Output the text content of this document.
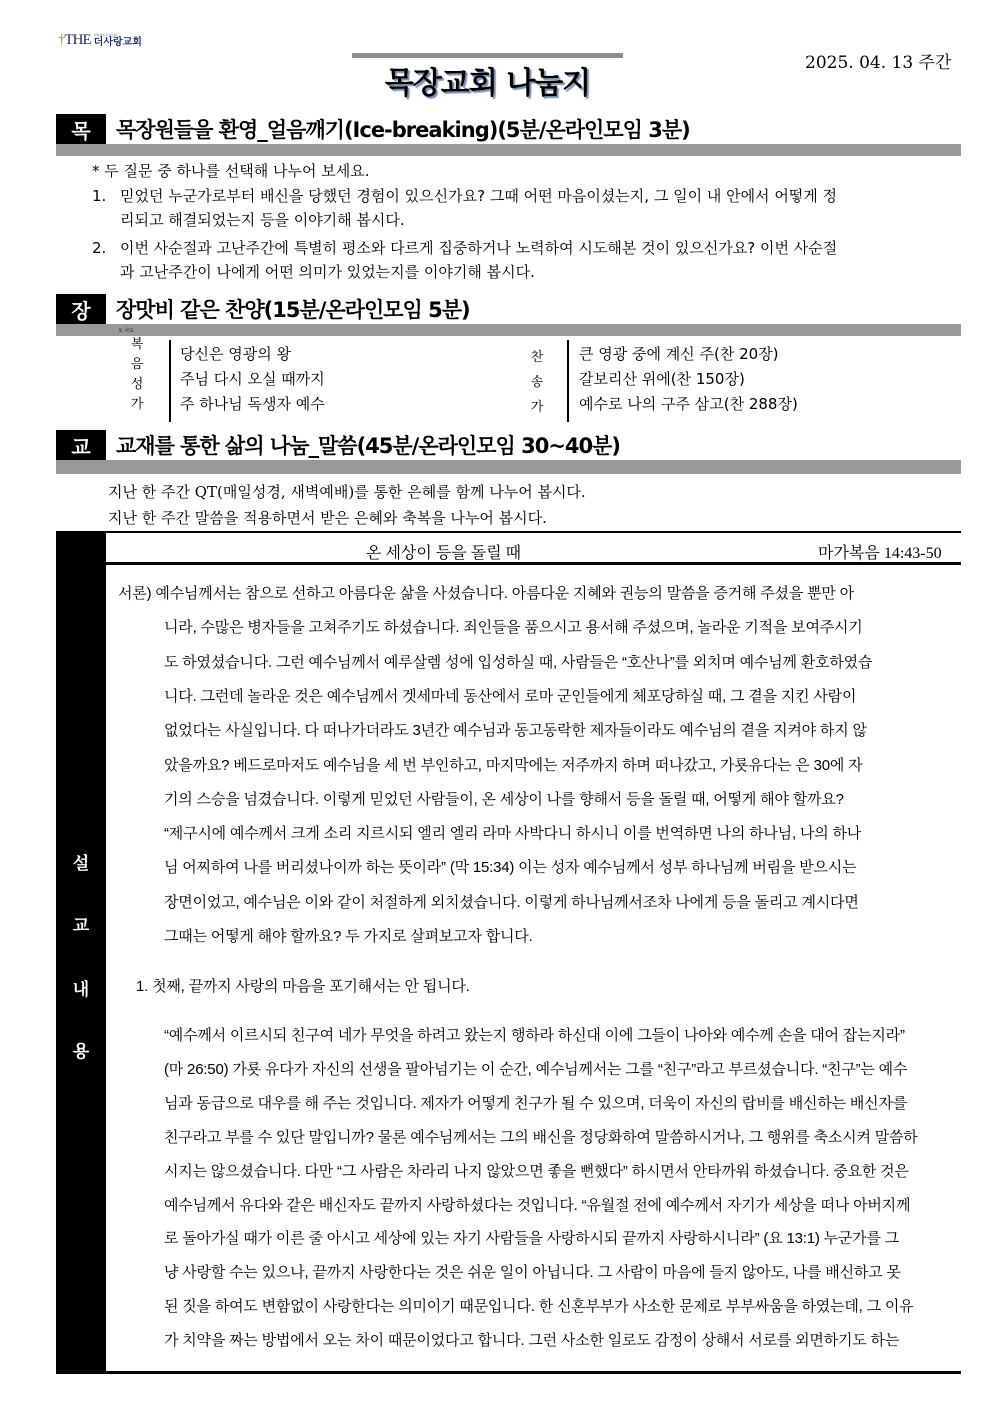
†THE 대한예수교장로회
더사랑교회
2025. 04. 13 주간
목장교회 나눔지
목	목장원들을 환영_얼음깨기(Ice-breaking)(5분/온라인모임 3분)
* 두 질문 중 하나를 선택해 나누어 보세요.
1. 믿었던 누군가로부터 배신을 당했던 경험이 있으신가요? 그때 어떤 마음이셨는지, 그 일이 내 안에서 어떻게 정
리되고 해결되었는지 등을 이야기해 봅시다.
2. 이번 사순절과 고난주간에 특별히 평소와 다르게 집중하거나 노력하여 시도해본 것이 있으신가요? 이번 사순절
과 고난주간이 나에게 어떤 의미가 있었는지를 이야기해 봅시다.
장	장맛비 같은 찬양(15분/온라인모임 5분)
오 사도
복
음
성
가
당신은 영광의 왕
주님 다시 오실 때까지
주 하나님 독생자 예수
찬
송
가
큰 영광 중에 계신 주(찬 20장)
갈보리산 위에(찬 150장)
예수로 나의 구주 삼고(찬 288장)
교	교재를 통한 삶의 나눔_말씀(45분/온라인모임 30~40분)
지난 한 주간 QT(매일성경, 새벽예배)를 통한 은혜를 함께 나누어 봅시다.
지난 한 주간 말씀을 적용하면서 받은 은혜와 축복을 나누어 봅시다.
설
교
내
용
온 세상이 등을 돌릴 때	마가복음 14:43-50
서론) 예수님께서는 참으로 선하고 아름다운 삶을 사셨습니다. 아름다운 지혜와 권능의 말씀을 증거해 주셨을 뿐만 아
니라, 수많은 병자들을 고쳐주기도 하셨습니다. 죄인들을 품으시고 용서해 주셨으며, 놀라운 기적을 보여주시기
도 하였셨습니다. 그런 예수님께서 예루살렘 성에 입성하실 때, 사람들은 “호산나”를 외치며 예수님께 환호하였습
니다. 그런데 놀라운 것은 예수님께서 겟세마네 동산에서 로마 군인들에게 체포당하실 때, 그 곁을 지킨 사람이
없었다는 사실입니다. 다 떠나가더라도 3년간 예수님과 동고동락한 제자들이라도 예수님의 곁을 지켜야 하지 않
았을까요? 베드로마저도 예수님을 세 번 부인하고, 마지막에는 저주까지 하며 떠나갔고, 가룟유다는 은 30에 자
기의 스승을 넘겼습니다. 이렇게 믿었던 사람들이, 온 세상이 나를 향해서 등을 돌릴 때, 어떻게 해야 할까요?
“제구시에 예수께서 크게 소리 지르시되 엘리 엘리 라마 사박다니 하시니 이를 번역하면 나의 하나님, 나의 하나
님 어찌하여 나를 버리셨나이까 하는 뜻이라” (막 15:34) 이는 성자 예수님께서 성부 하나님께 버림을 받으시는
장면이었고, 예수님은 이와 같이 처절하게 외치셨습니다. 이렇게 하나님께서조차 나에게 등을 돌리고 계시다면
그때는 어떻게 해야 할까요? 두 가지로 살펴보고자 합니다.
1. 첫째, 끝까지 사랑의 마음을 포기해서는 안 됩니다.
“예수께서 이르시되 친구여 네가 무엇을 하려고 왔는지 행하라 하신대 이에 그들이 나아와 예수께 손을 대어 잡는지라”
(마 26:50) 가룟 유다가 자신의 선생을 팔아넘기는 이 순간, 예수님께서는 그를 “친구”라고 부르셨습니다. “친구”는 예수
님과 동급으로 대우를 해 주는 것입니다. 제자가 어떻게 친구가 될 수 있으며, 더욱이 자신의 랍비를 배신하는 배신자를
친구라고 부를 수 있단 말입니까? 물론 예수님께서는 그의 배신을 정당화하여 말씀하시거나, 그 행위를 축소시켜 말씀하
시지는 않으셨습니다. 다만 “그 사람은 차라리 나지 않았으면 좋을 뻔했다” 하시면서 안타까워 하셨습니다. 중요한 것은
예수님께서 유다와 같은 배신자도 끝까지 사랑하셨다는 것입니다. “유월절 전에 예수께서 자기가 세상을 떠나 아버지께
로 돌아가실 때가 이른 줄 아시고 세상에 있는 자기 사람들을 사랑하시되 끝까지 사랑하시니라” (요 13:1) 누군가를 그
냥 사랑할 수는 있으나, 끝까지 사랑한다는 것은 쉬운 일이 아닙니다. 그 사람이 마음에 들지 않아도, 나를 배신하고 못
된 짓을 하여도 변함없이 사랑한다는 의미이기 때문입니다. 한 신혼부부가 사소한 문제로 부부싸움을 하였는데, 그 이유
가 치약을 짜는 방법에서 오는 차이 때문이었다고 합니다. 그런 사소한 일로도 감정이 상해서 서로를 외면하기도 하는
